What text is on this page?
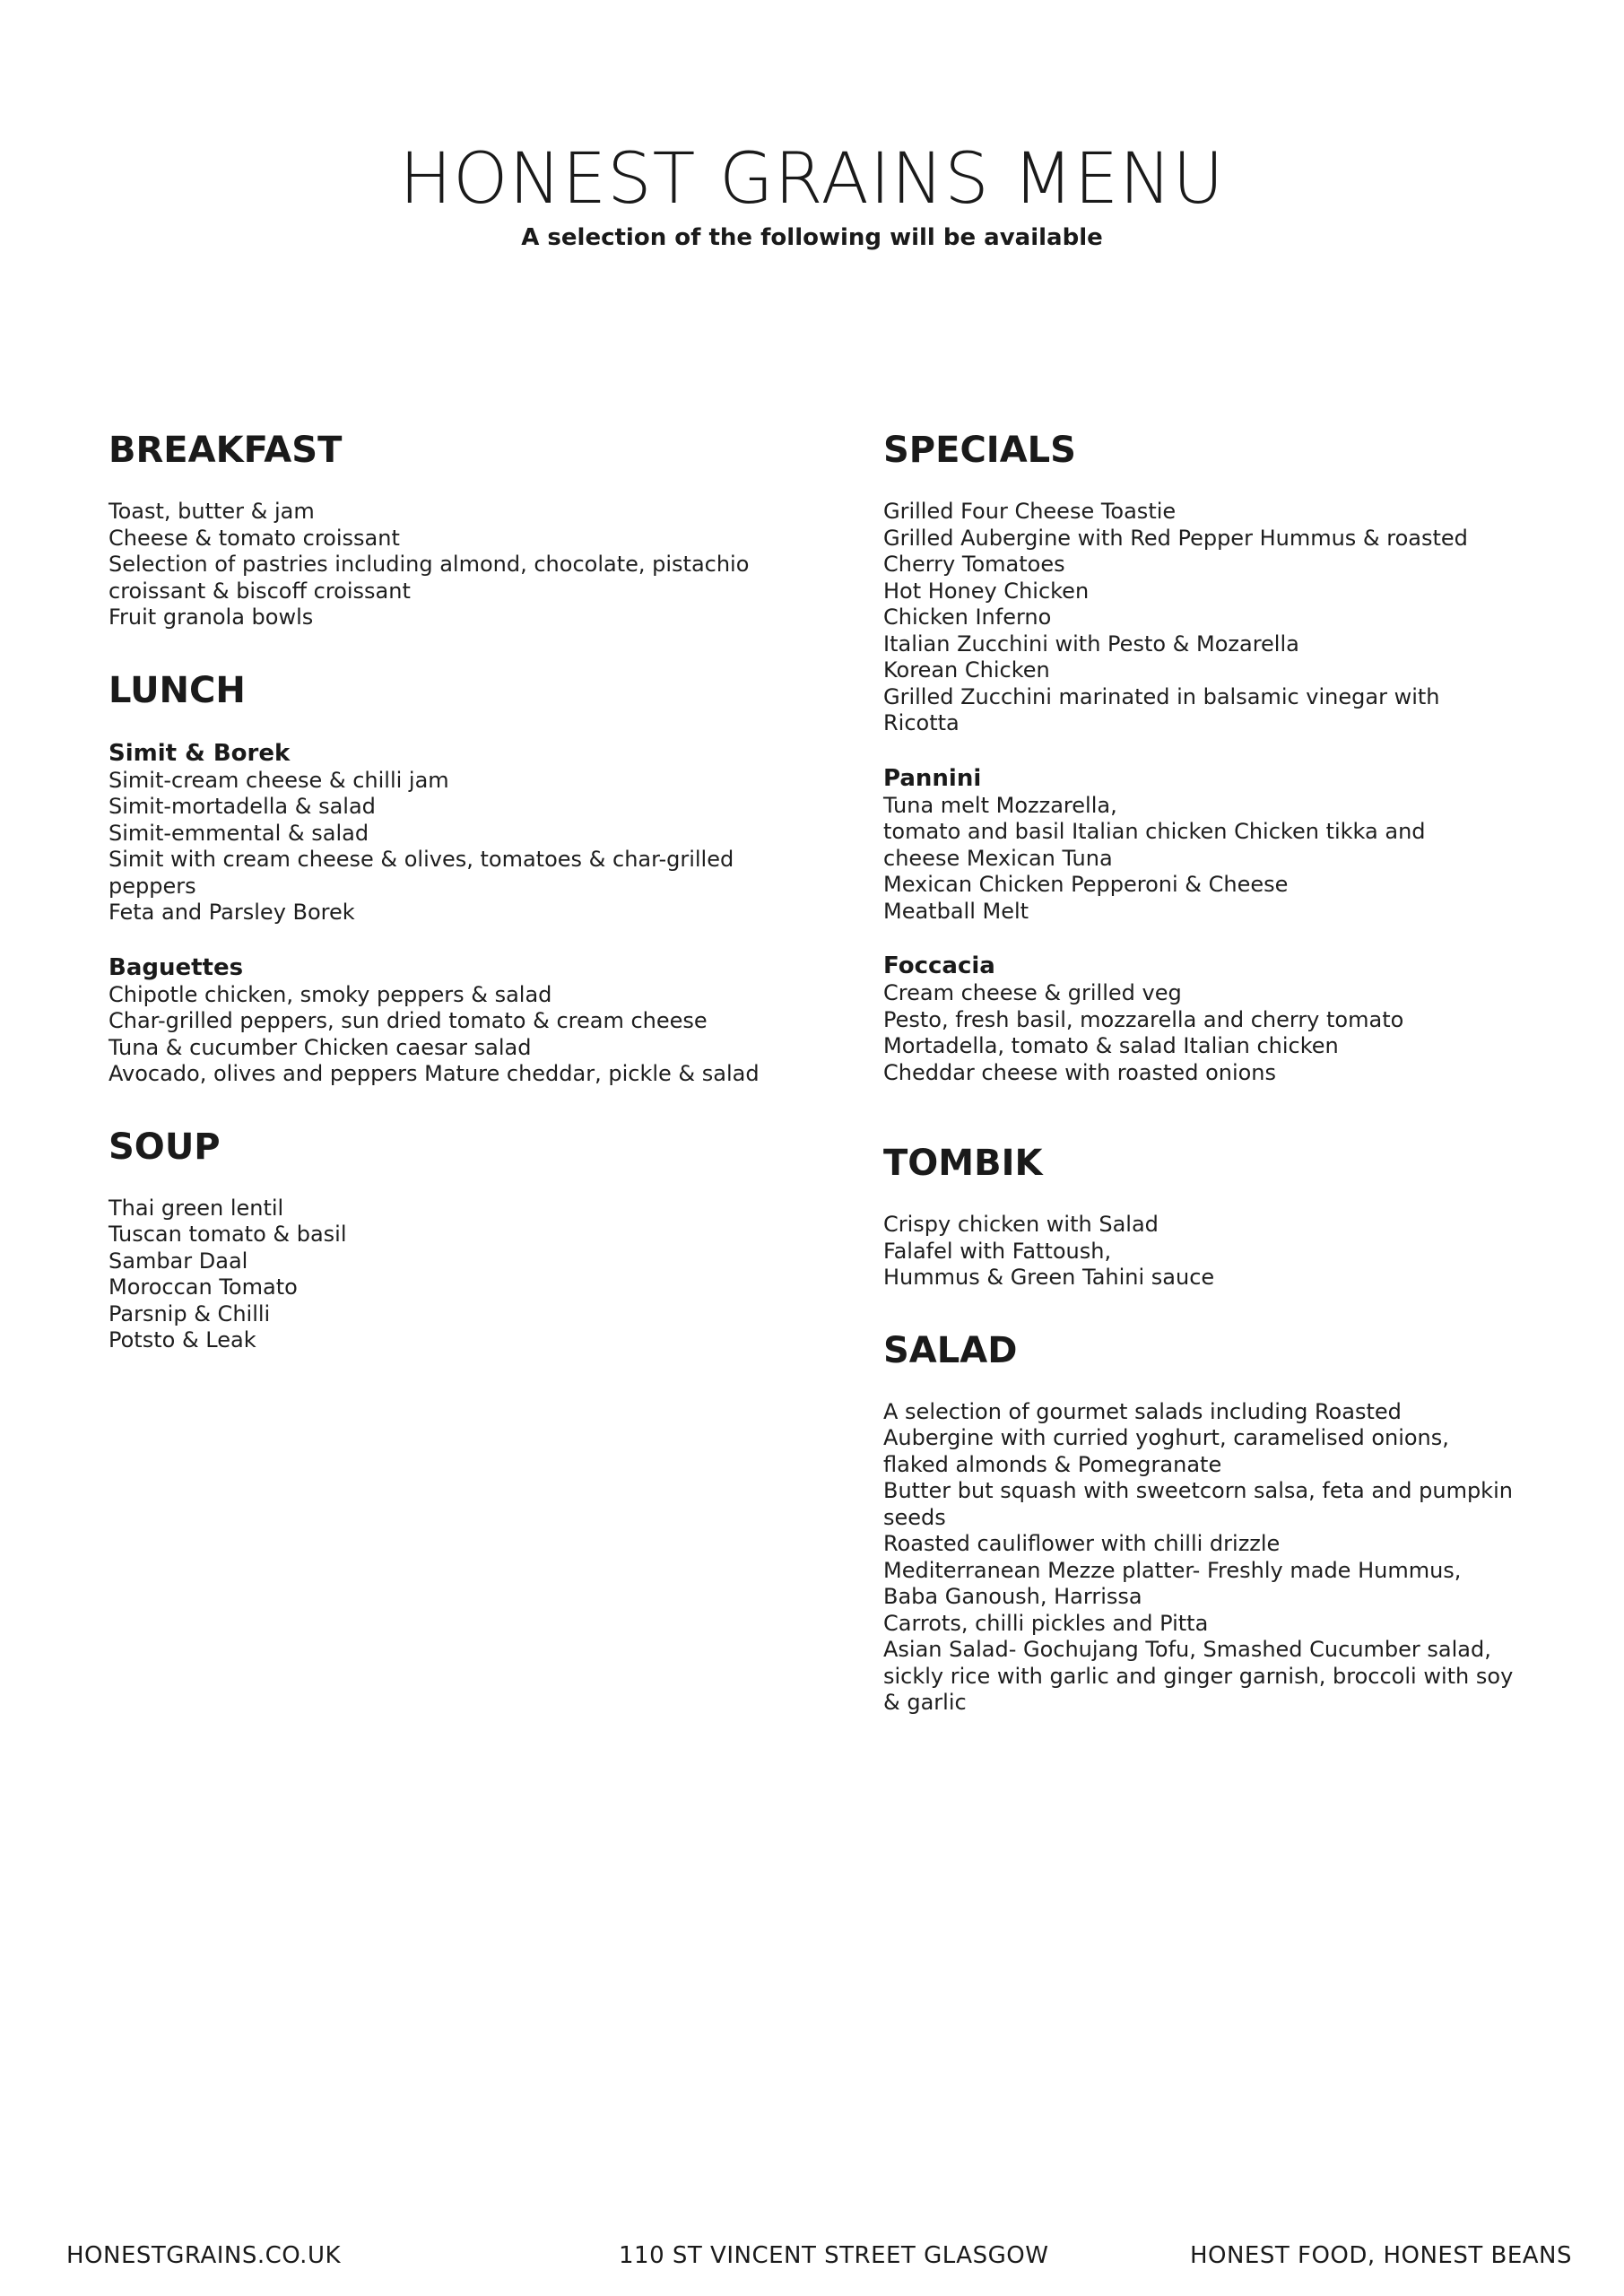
HONEST GRAINS MENU
A selection of the following will be available
BREAKFAST
Toast, butter & jam
Cheese & tomato croissant
Selection of pastries including almond, chocolate, pistachio
croissant & biscoff croissant
Fruit granola bowls
LUNCH
Simit & Borek
Simit-cream cheese & chilli jam
Simit-mortadella & salad
Simit-emmental & salad
Simit with cream cheese & olives, tomatoes & char-grilled
peppers
Feta and Parsley Borek
Baguettes
Chipotle chicken, smoky peppers & salad
Char-grilled peppers, sun dried tomato & cream cheese
Tuna & cucumber Chicken caesar salad
Avocado, olives and peppers Mature cheddar, pickle & salad
SOUP
Thai green lentil
Tuscan tomato & basil
Sambar Daal
Moroccan Tomato
Parsnip & Chilli
Potsto & Leak
SPECIALS
Grilled Four Cheese Toastie
Grilled Aubergine with Red Pepper Hummus & roasted
Cherry Tomatoes
Hot Honey Chicken
Chicken Inferno
Italian Zucchini with Pesto & Mozarella
Korean Chicken
Grilled Zucchini marinated in balsamic vinegar with
Ricotta
Pannini
Tuna melt Mozzarella,
tomato and basil Italian chicken Chicken tikka and
cheese Mexican Tuna
Mexican Chicken Pepperoni & Cheese
Meatball Melt
Foccacia
Cream cheese & grilled veg
Pesto, fresh basil, mozzarella and cherry tomato
Mortadella, tomato & salad Italian chicken
Cheddar cheese with roasted onions
TOMBIK
Crispy chicken with Salad
Falafel with Fattoush,
Hummus & Green Tahini sauce
SALAD
A selection of gourmet salads including Roasted
Aubergine with curried yoghurt, caramelised onions,
flaked almonds & Pomegranate
Butter but squash with sweetcorn salsa, feta and pumpkin
seeds
Roasted cauliflower with chilli drizzle
Mediterranean Mezze platter- Freshly made Hummus,
Baba Ganoush, Harrissa
Carrots, chilli pickles and Pitta
Asian Salad- Gochujang Tofu, Smashed Cucumber salad,
sickly rice with garlic and ginger garnish, broccoli with soy
& garlic
HONESTGRAINS.CO.UK	110 ST VINCENT STREET GLASGOW	HONEST FOOD, HONEST BEANS
